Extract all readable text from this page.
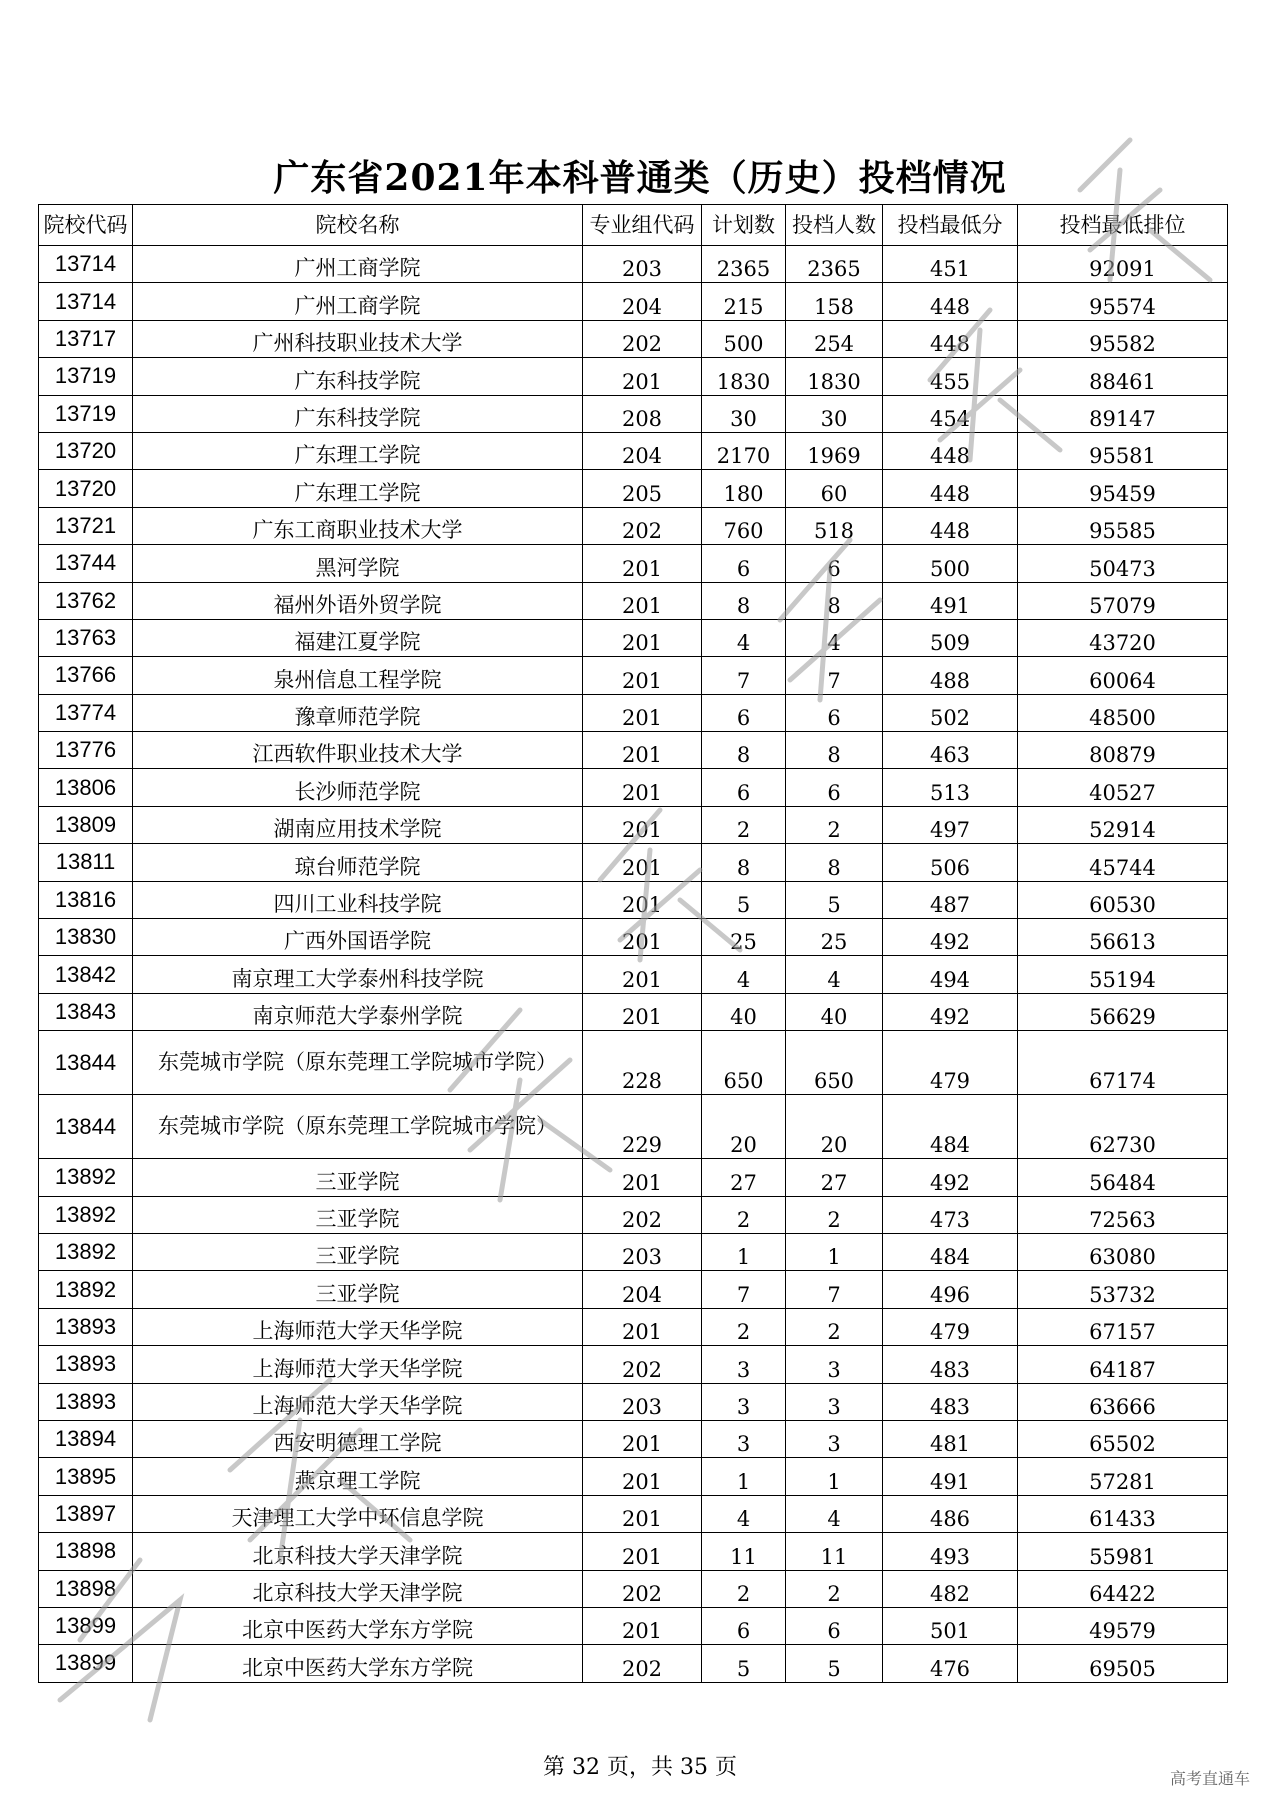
广东省2021年本科普通类（历史）投档情况
院校代码	院校名称	专业组代码	计划数	投档人数	投档最低分	投档最低排位
13714	广州工商学院	203	2365	2365	451	92091
13714	广州工商学院	204	215	158	448	95574
13717	广州科技职业技术大学	202	500	254	448	95582
13719	广东科技学院	201	1830	1830	455	88461
13719	广东科技学院	208	30	30	454	89147
13720	广东理工学院	204	2170	1969	448	95581
13720	广东理工学院	205	180	60	448	95459
13721	广东工商职业技术大学	202	760	518	448	95585
13744	黑河学院	201	6	6	500	50473
13762	福州外语外贸学院	201	8	8	491	57079
13763	福建江夏学院	201	4	4	509	43720
13766	泉州信息工程学院	201	7	7	488	60064
13774	豫章师范学院	201	6	6	502	48500
13776	江西软件职业技术大学	201	8	8	463	80879
13806	长沙师范学院	201	6	6	513	40527
13809	湖南应用技术学院	201	2	2	497	52914
13811	琼台师范学院	201	8	8	506	45744
13816	四川工业科技学院	201	5	5	487	60530
13830	广西外国语学院	201	25	25	492	56613
13842	南京理工大学泰州科技学院	201	4	4	494	55194
13843	南京师范大学泰州学院	201	40	40	492	56629
13844	东莞城市学院（原东莞理工学院城市学院）	228	650	650	479	67174
13844	东莞城市学院（原东莞理工学院城市学院）	229	20	20	484	62730
13892	三亚学院	201	27	27	492	56484
13892	三亚学院	202	2	2	473	72563
13892	三亚学院	203	1	1	484	63080
13892	三亚学院	204	7	7	496	53732
13893	上海师范大学天华学院	201	2	2	479	67157
13893	上海师范大学天华学院	202	3	3	483	64187
13893	上海师范大学天华学院	203	3	3	483	63666
13894	西安明德理工学院	201	3	3	481	65502
13895	燕京理工学院	201	1	1	491	57281
13897	天津理工大学中环信息学院	201	4	4	486	61433
13898	北京科技大学天津学院	201	11	11	493	55981
13898	北京科技大学天津学院	202	2	2	482	64422
13899	北京中医药大学东方学院	201	6	6	501	49579
13899	北京中医药大学东方学院	202	5	5	476	69505
第 32 页，共 35 页	高考直通车
